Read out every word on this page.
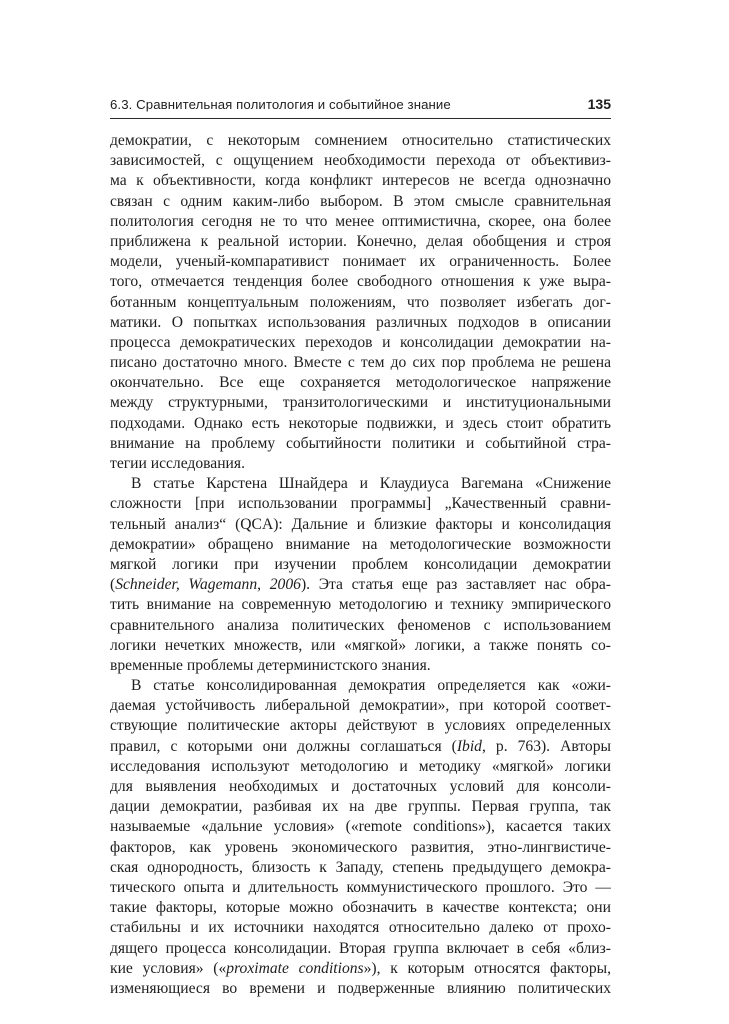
6.3. Сравнительная политология и событийное знание	135
демократии, с некоторым сомнением относительно статистических
зависимостей, с ощущением необходимости перехода от объективиз-
ма к объективности, когда конфликт интересов не всегда однозначно
связан с одним каким-либо выбором. В этом смысле сравнительная
политология сегодня не то что менее оптимистична, скорее, она более
приближена к реальной истории. Конечно, делая обобщения и строя
модели, ученый-компаративист понимает их ограниченность. Более
того, отмечается тенденция более свободного отношения к уже выра-
ботанным концептуальным положениям, что позволяет избегать дог-
матики. О попытках использования различных подходов в описании
процесса демократических переходов и консолидации демократии на-
писано достаточно много. Вместе с тем до сих пор проблема не решена
окончательно. Все еще сохраняется методологическое напряжение
между структурными, транзитологическими и институциональными
подходами. Однако есть некоторые подвижки, и здесь стоит обратить
внимание на проблему событийности политики и событийной стра-
тегии исследования.
В статье Карстена Шнайдера и Клаудиуса Вагемана «Снижение
сложности [при использовании программы] „Качественный сравни-
тельный анализ“ (QCA): Дальние и близкие факторы и консолидация
демократии» обращено внимание на методологические возможности
мягкой логики при изучении проблем консолидации демократии
(Schneider, Wagemann, 2006). Эта статья еще раз заставляет нас обра-
тить внимание на современную методологию и технику эмпирического
сравнительного анализа политических феноменов с использованием
логики нечетких множеств, или «мягкой» логики, а также понять со-
временные проблемы детерминистского знания.
В статье консолидированная демократия определяется как «ожи-
даемая устойчивость либеральной демократии», при которой соответ-
ствующие политические акторы действуют в условиях определенных
правил, с которыми они должны соглашаться (Ibid, p. 763). Авторы
исследования используют методологию и методику «мягкой» логики
для выявления необходимых и достаточных условий для консоли-
дации демократии, разбивая их на две группы. Первая группа, так
называемые «дальние условия» («remote conditions»), касается таких
факторов, как уровень экономического развития, этно-лингвистиче-
ская однородность, близость к Западу, степень предыдущего демокра-
тического опыта и длительность коммунистического прошлого. Это —
такие факторы, которые можно обозначить в качестве контекста; они
стабильны и их источники находятся относительно далеко от прохо-
дящего процесса консолидации. Вторая группа включает в себя «близ-
кие условия» («proximate conditions»), к которым относятся факторы,
изменяющиеся во времени и подверженные влиянию политических
